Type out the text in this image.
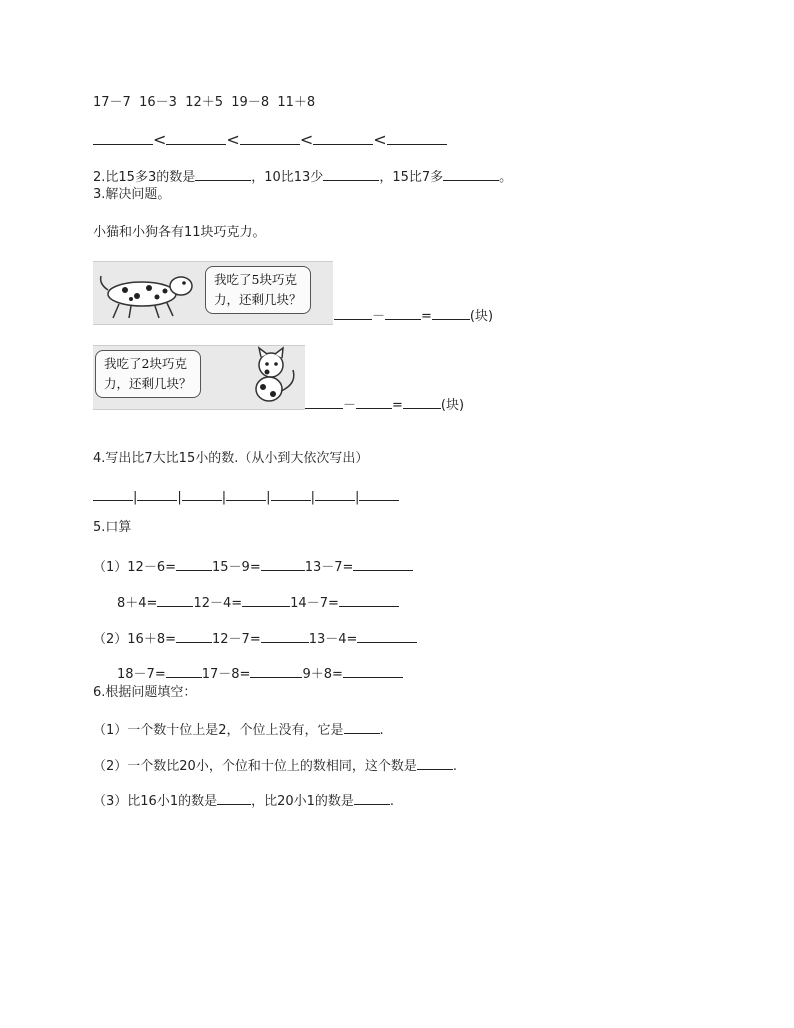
17－7 16－3 12＋5 19－8 11＋8
<	<	<	<
2.比15多3的数是	，10比13少	，15比7多	。
3.解决问题。
小猫和小狗各有11块巧克力。
我吃了5块巧克
力，还剩几块？
－	=	(块)
我吃了2块巧克
力，还剩几块？
－	=	(块)
4.写出比7大比15小的数.（从小到大依次写出）
|	|	|	|	|	|
5.口算
（1）12－6=	15－9=	13－7=
8＋4=	12－4=	14－7=
（2）16＋8=	12－7=	13－4=
18－7=	17－8=	9＋8=
6.根据问题填空：
（1）一个数十位上是2，个位上没有，它是	.
（2）一个数比20小，个位和十位上的数相同，这个数是	.
（3）比16小1的数是	，比20小1的数是	.
